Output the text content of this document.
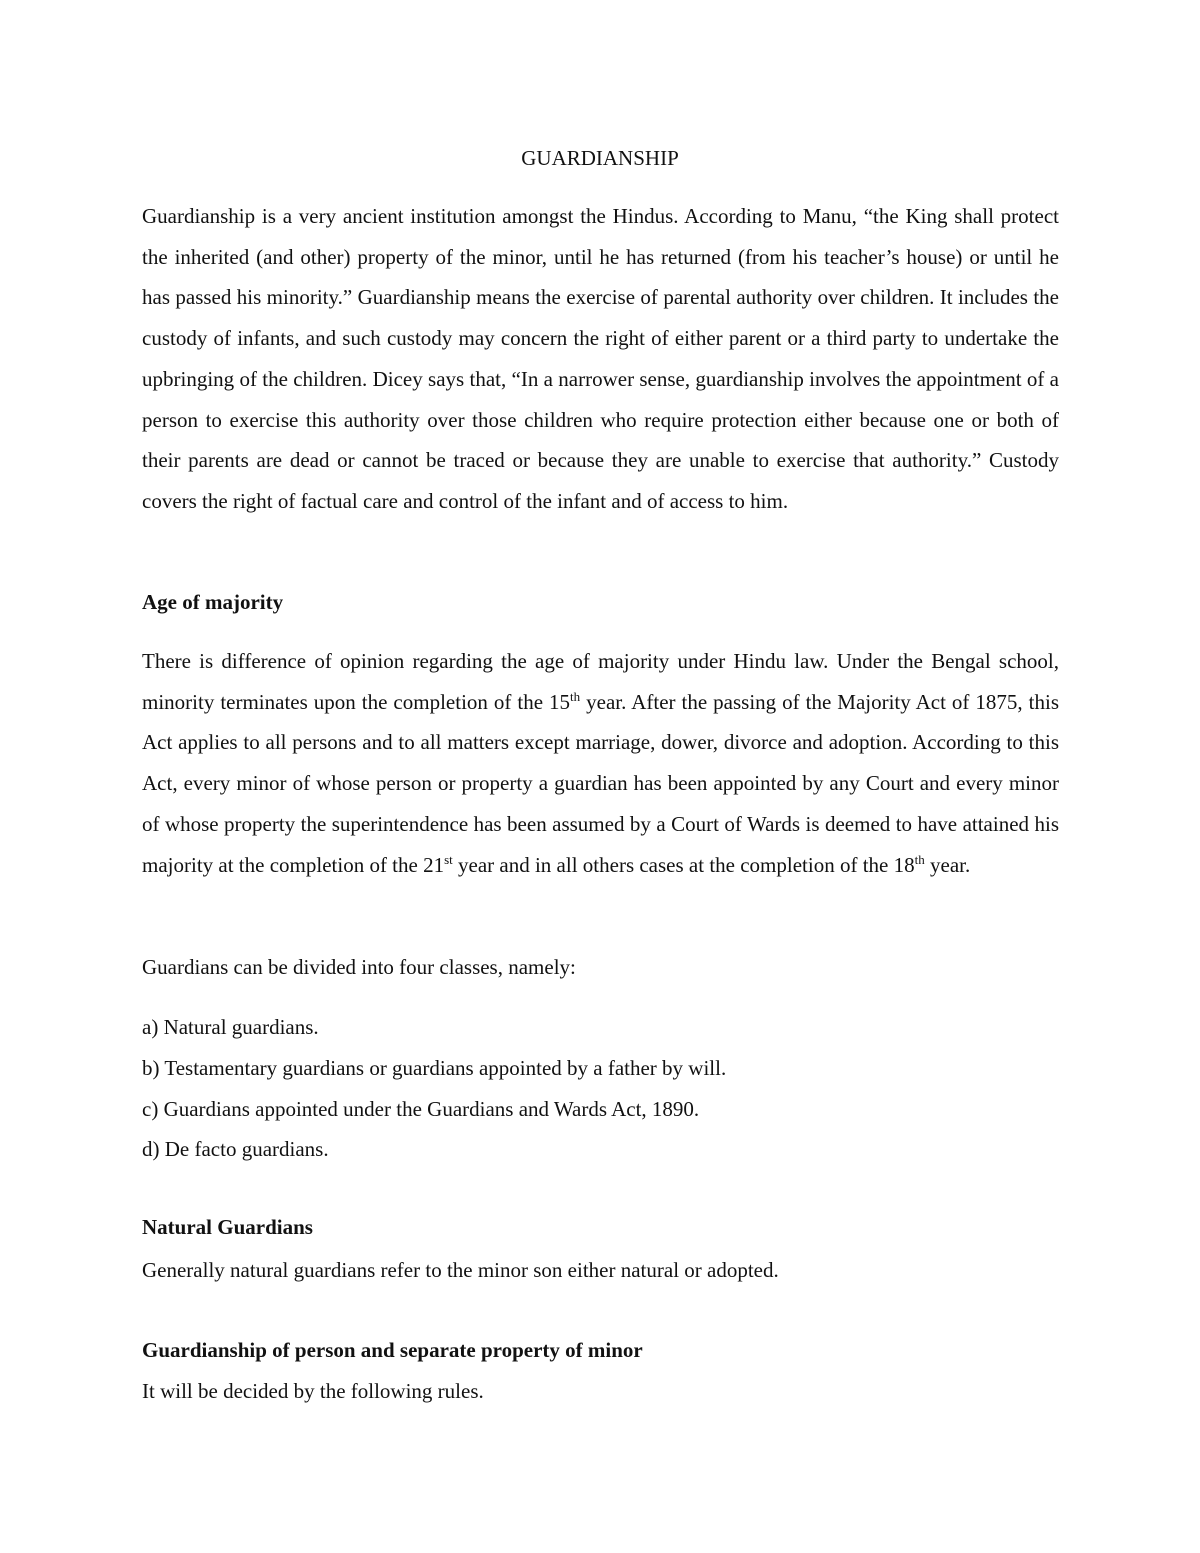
GUARDIANSHIP

Guardianship is a very ancient institution amongst the Hindus. According to Manu, “the King shall protect the inherited (and other) property of the minor, until he has returned (from his teacher’s house) or until he has passed his minority.” Guardianship means the exercise of parental authority over children. It includes the custody of infants, and such custody may concern the right of either parent or a third party to undertake the upbringing of the children. Dicey says that, “In a narrower sense, guardianship involves the appointment of a person to exercise this authority over those children who require protection either because one or both of their parents are dead or cannot be traced or because they are unable to exercise that authority.” Custody covers the right of factual care and control of the infant and of access to him.

Age of majority

There is difference of opinion regarding the age of majority under Hindu law. Under the Bengal school, minority terminates upon the completion of the 15th year. After the passing of the Majority Act of 1875, this Act applies to all persons and to all matters except marriage, dower, divorce and adoption. According to this Act, every minor of whose person or property a guardian has been appointed by any Court and every minor of whose property the superintendence has been assumed by a Court of Wards is deemed to have attained his majority at the completion of the 21st year and in all others cases at the completion of the 18th year.

Guardians can be divided into four classes, namely:

a) Natural guardians.

b) Testamentary guardians or guardians appointed by a father by will.

c) Guardians appointed under the Guardians and Wards Act, 1890.

d) De facto guardians.

Natural Guardians

Generally natural guardians refer to the minor son either natural or adopted.

Guardianship of person and separate property of minor

It will be decided by the following rules.
